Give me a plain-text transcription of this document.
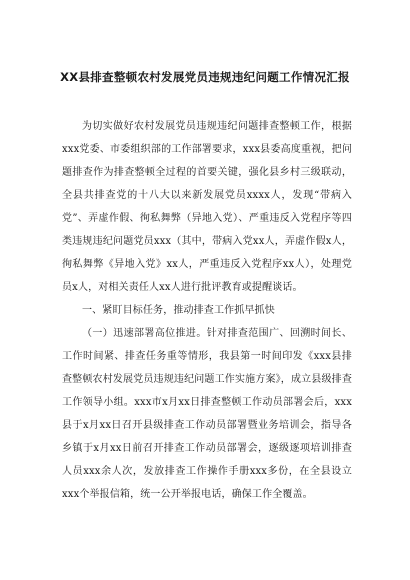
XX县排查整顿农村发展党员违规违纪问题工作情况汇报

为切实做好农村发展党员违规违纪问题排查整顿工作，根据xxx党委、市委组织部的工作部署要求，xxx县委高度重视，把问题排查作为排查整顿全过程的首要关键，强化县乡村三级联动，全县共排查党的十八大以来新发展党员xxxx人，发现“带病入党”、弄虚作假、徇私舞弊（异地入党）、严重违反入党程序等四类违规违纪问题党员xxx（其中，带病入党xx人，弄虚作假x人，徇私舞弊《异地入党》xx人，严重违反入党程序xx人），处理党员x人，对相关责任人xx人进行批评教育或提醒谈话。

一、紧盯目标任务，推动排查工作抓早抓快

（一）迅速部署高位推进。针对排查范围广、回溯时间长、工作时间紧、排查任务重等情形，我县第一时间印发《xxx县排查整顿农村发展党员违规违纪问题工作实施方案》，成立县级排查工作领导小组。xxx市x月xx日排查整顿工作动员部署会后，xxx县于x月xx日召开县级排查工作动员部署暨业务培训会，指导各乡镇于x月xx日前召开排查工作动员部署会，逐级逐项培训排查人员xxx余人次，发放排查工作操作手册xxx多份，在全县设立xxx个举报信箱，统一公开举报电话，确保工作全覆盖。
